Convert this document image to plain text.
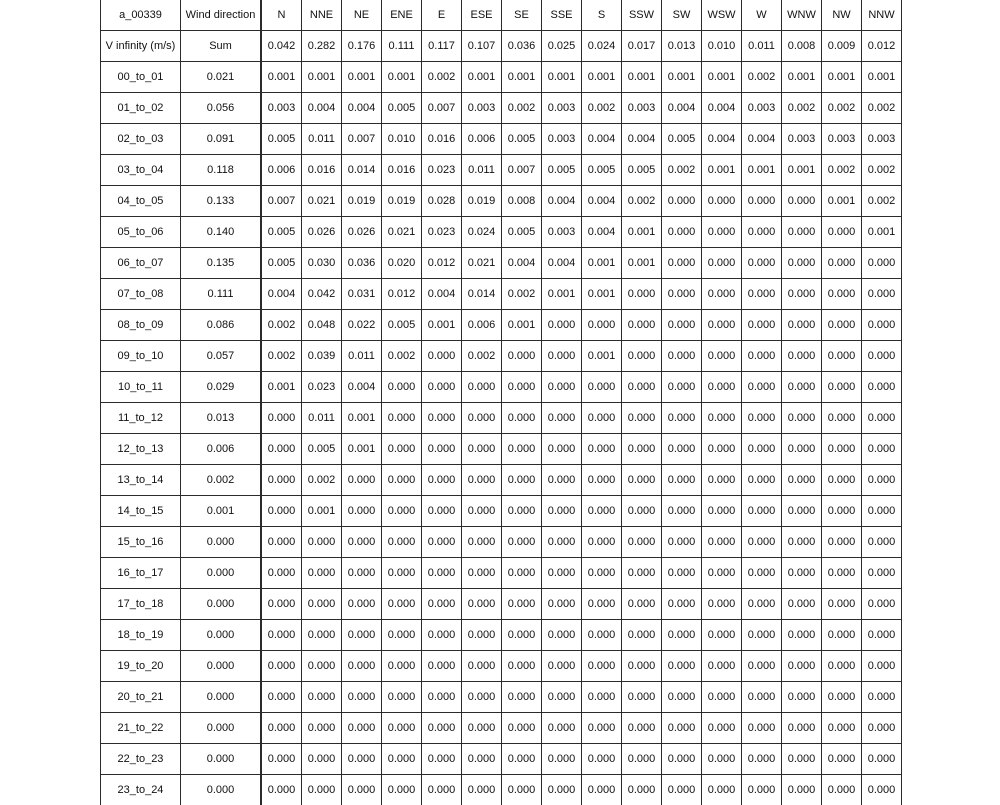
a_00339	Wind direction	N	NNE	NE	ENE	E	ESE	SE	SSE	S	SSW	SW	WSW	W	WNW	NW	NNW
V infinity (m/s)	Sum	0.042	0.282	0.176	0.111	0.117	0.107	0.036	0.025	0.024	0.017	0.013	0.010	0.011	0.008	0.009	0.012
00_to_01	0.021	0.001	0.001	0.001	0.001	0.002	0.001	0.001	0.001	0.001	0.001	0.001	0.001	0.002	0.001	0.001	0.001
01_to_02	0.056	0.003	0.004	0.004	0.005	0.007	0.003	0.002	0.003	0.002	0.003	0.004	0.004	0.003	0.002	0.002	0.002
02_to_03	0.091	0.005	0.011	0.007	0.010	0.016	0.006	0.005	0.003	0.004	0.004	0.005	0.004	0.004	0.003	0.003	0.003
03_to_04	0.118	0.006	0.016	0.014	0.016	0.023	0.011	0.007	0.005	0.005	0.005	0.002	0.001	0.001	0.001	0.002	0.002
04_to_05	0.133	0.007	0.021	0.019	0.019	0.028	0.019	0.008	0.004	0.004	0.002	0.000	0.000	0.000	0.000	0.001	0.002
05_to_06	0.140	0.005	0.026	0.026	0.021	0.023	0.024	0.005	0.003	0.004	0.001	0.000	0.000	0.000	0.000	0.000	0.001
06_to_07	0.135	0.005	0.030	0.036	0.020	0.012	0.021	0.004	0.004	0.001	0.001	0.000	0.000	0.000	0.000	0.000	0.000
07_to_08	0.111	0.004	0.042	0.031	0.012	0.004	0.014	0.002	0.001	0.001	0.000	0.000	0.000	0.000	0.000	0.000	0.000
08_to_09	0.086	0.002	0.048	0.022	0.005	0.001	0.006	0.001	0.000	0.000	0.000	0.000	0.000	0.000	0.000	0.000	0.000
09_to_10	0.057	0.002	0.039	0.011	0.002	0.000	0.002	0.000	0.000	0.001	0.000	0.000	0.000	0.000	0.000	0.000	0.000
10_to_11	0.029	0.001	0.023	0.004	0.000	0.000	0.000	0.000	0.000	0.000	0.000	0.000	0.000	0.000	0.000	0.000	0.000
11_to_12	0.013	0.000	0.011	0.001	0.000	0.000	0.000	0.000	0.000	0.000	0.000	0.000	0.000	0.000	0.000	0.000	0.000
12_to_13	0.006	0.000	0.005	0.001	0.000	0.000	0.000	0.000	0.000	0.000	0.000	0.000	0.000	0.000	0.000	0.000	0.000
13_to_14	0.002	0.000	0.002	0.000	0.000	0.000	0.000	0.000	0.000	0.000	0.000	0.000	0.000	0.000	0.000	0.000	0.000
14_to_15	0.001	0.000	0.001	0.000	0.000	0.000	0.000	0.000	0.000	0.000	0.000	0.000	0.000	0.000	0.000	0.000	0.000
15_to_16	0.000	0.000	0.000	0.000	0.000	0.000	0.000	0.000	0.000	0.000	0.000	0.000	0.000	0.000	0.000	0.000	0.000
16_to_17	0.000	0.000	0.000	0.000	0.000	0.000	0.000	0.000	0.000	0.000	0.000	0.000	0.000	0.000	0.000	0.000	0.000
17_to_18	0.000	0.000	0.000	0.000	0.000	0.000	0.000	0.000	0.000	0.000	0.000	0.000	0.000	0.000	0.000	0.000	0.000
18_to_19	0.000	0.000	0.000	0.000	0.000	0.000	0.000	0.000	0.000	0.000	0.000	0.000	0.000	0.000	0.000	0.000	0.000
19_to_20	0.000	0.000	0.000	0.000	0.000	0.000	0.000	0.000	0.000	0.000	0.000	0.000	0.000	0.000	0.000	0.000	0.000
20_to_21	0.000	0.000	0.000	0.000	0.000	0.000	0.000	0.000	0.000	0.000	0.000	0.000	0.000	0.000	0.000	0.000	0.000
21_to_22	0.000	0.000	0.000	0.000	0.000	0.000	0.000	0.000	0.000	0.000	0.000	0.000	0.000	0.000	0.000	0.000	0.000
22_to_23	0.000	0.000	0.000	0.000	0.000	0.000	0.000	0.000	0.000	0.000	0.000	0.000	0.000	0.000	0.000	0.000	0.000
23_to_24	0.000	0.000	0.000	0.000	0.000	0.000	0.000	0.000	0.000	0.000	0.000	0.000	0.000	0.000	0.000	0.000	0.000
